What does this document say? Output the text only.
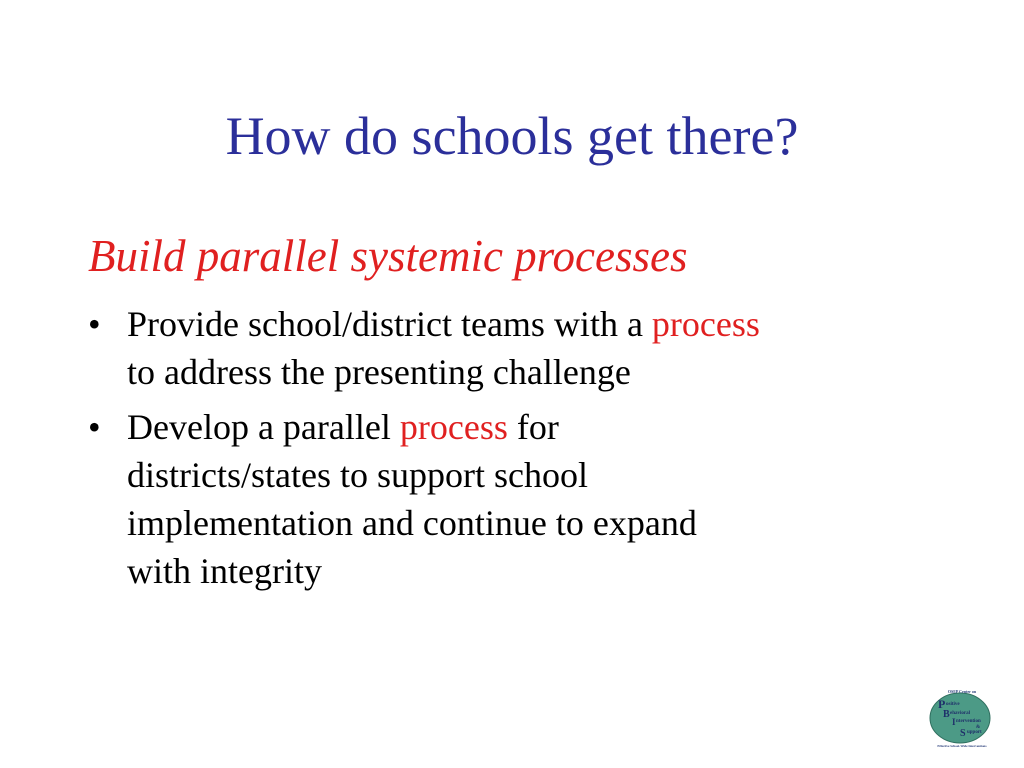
How do schools get there?
Build parallel systemic processes
• Provide school/district teams with a process
to address the presenting challenge
• Develop a parallel process for
districts/states to support school
implementation and continue to expand
with integrity
OSEP Center on
P ositive
B ehavioral
I ntervention
&
S upport
Effective School-Wide Interventions
